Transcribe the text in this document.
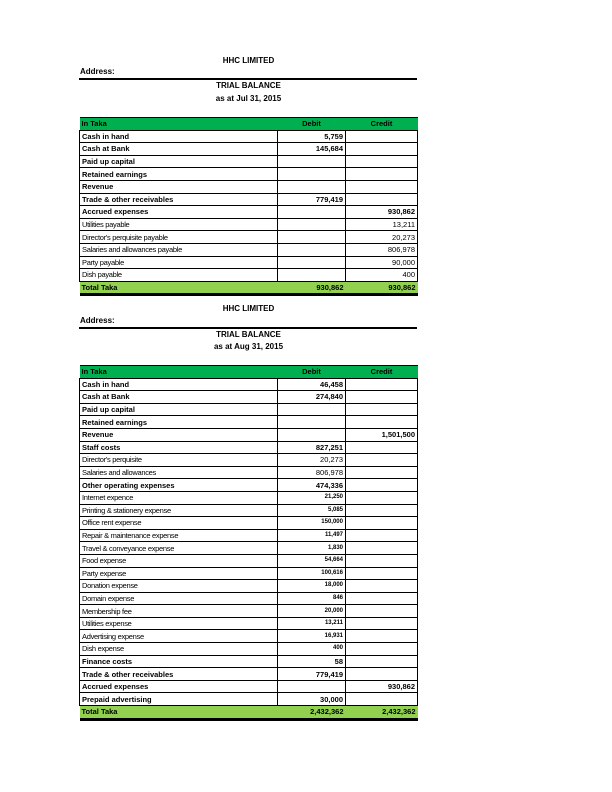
HHC LIMITED
Address:
TRIAL BALANCE
as at Jul 31, 2015
In Taka	Debit	Credit
Cash in hand	5,759	
Cash at Bank	145,684	
Paid up capital		
Retained earnings		
Revenue		
Trade & other receivables	779,419	
Accrued expenses		930,862
Utilities payable		13,211
Director's perquisite payable		20,273
Salaries and allowances payable		806,978
Party payable		90,000
Dish payable		400
Total Taka	930,862	930,862
HHC LIMITED
Address:
TRIAL BALANCE
as at Aug 31, 2015
In Taka	Debit	Credit
Cash in hand	46,458	
Cash at Bank	274,840	
Paid up capital		
Retained earnings		
Revenue		1,501,500
Staff costs	827,251	
Director's perquisite	20,273	
Salaries and allowances	806,978	
Other operating expenses	474,336	
Internet expence	21,250	
Printing & stationery expense	5,085	
Office rent expense	150,000	
Repair & maintenance expense	11,497	
Travel & conveyance expense	1,830	
Food expense	54,664	
Party expense	100,616	
Donation expense	18,000	
Domain expense	846	
Membership fee	20,000	
Utilities expense	13,211	
Advertising expense	16,931	
Dish expense	400	
Finance costs	58	
Trade & other receivables	779,419	
Accrued expenses		930,862
Prepaid advertising	30,000	
Total Taka	2,432,362	2,432,362
